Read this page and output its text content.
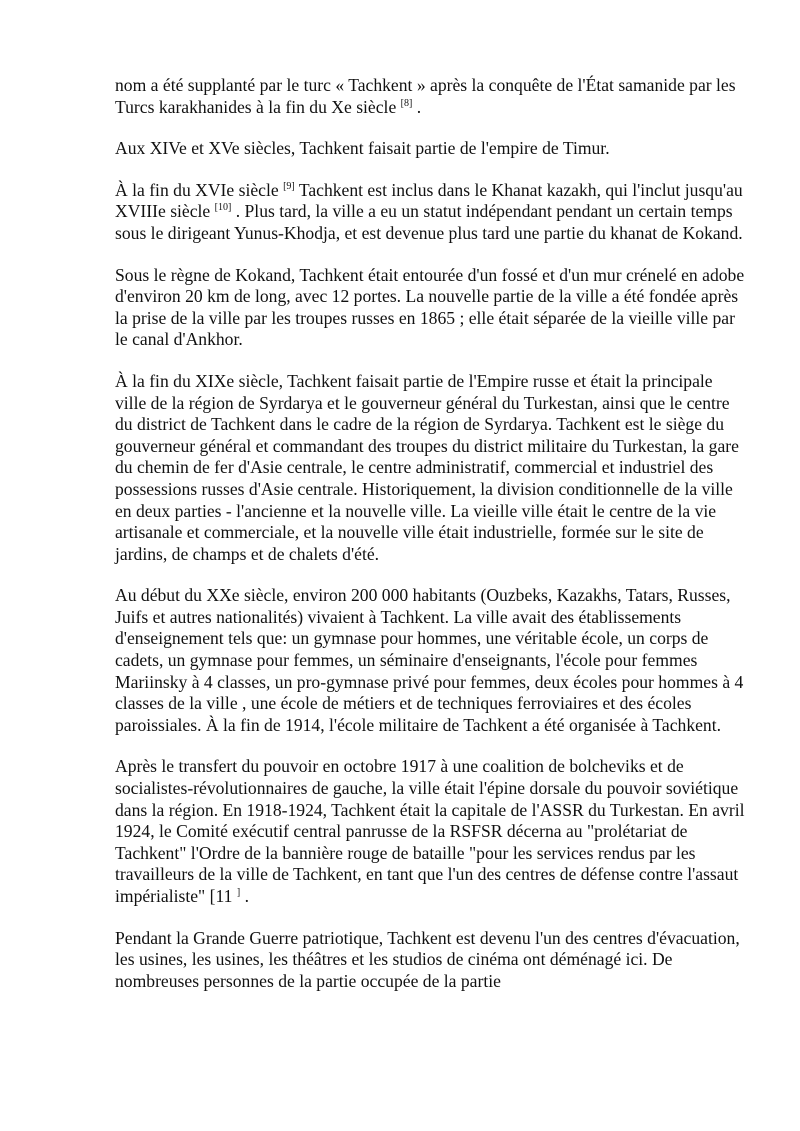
nom a été supplanté par le turc « Tachkent » après la conquête de l'État samanide par les Turcs karakhanides à la fin du Xe siècle [8] .

Aux XIVe et XVe siècles, Tachkent faisait partie de l'empire de Timur.

À la fin du XVIe siècle [9] Tachkent est inclus dans le Khanat kazakh, qui l'inclut jusqu'au XVIIIe siècle [10] . Plus tard, la ville a eu un statut indépendant pendant un certain temps sous le dirigeant Yunus-Khodja, et est devenue plus tard une partie du khanat de Kokand.

Sous le règne de Kokand, Tachkent était entourée d'un fossé et d'un mur crénelé en adobe d'environ 20 km de long, avec 12 portes. La nouvelle partie de la ville a été fondée après la prise de la ville par les troupes russes en 1865 ; elle était séparée de la vieille ville par le canal d'Ankhor.

À la fin du XIXe siècle, Tachkent faisait partie de l'Empire russe et était la principale ville de la région de Syrdarya et le gouverneur général du Turkestan, ainsi que le centre du district de Tachkent dans le cadre de la région de Syrdarya. Tachkent est le siège du gouverneur général et commandant des troupes du district militaire du Turkestan, la gare du chemin de fer d'Asie centrale, le centre administratif, commercial et industriel des possessions russes d'Asie centrale. Historiquement, la division conditionnelle de la ville en deux parties - l'ancienne et la nouvelle ville. La vieille ville était le centre de la vie artisanale et commerciale, et la nouvelle ville était industrielle, formée sur le site de jardins, de champs et de chalets d'été.

Au début du XXe siècle, environ 200 000 habitants (Ouzbeks, Kazakhs, Tatars, Russes, Juifs et autres nationalités) vivaient à Tachkent. La ville avait des établissements d'enseignement tels que: un gymnase pour hommes, une véritable école, un corps de cadets, un gymnase pour femmes, un séminaire d'enseignants, l'école pour femmes Mariinsky à 4 classes, un pro-gymnase privé pour femmes, deux écoles pour hommes à 4 classes de la ville , une école de métiers et de techniques ferroviaires et des écoles paroissiales. À la fin de 1914, l'école militaire de Tachkent a été organisée à Tachkent.

Après le transfert du pouvoir en octobre 1917 à une coalition de bolcheviks et de socialistes-révolutionnaires de gauche, la ville était l'épine dorsale du pouvoir soviétique dans la région. En 1918-1924, Tachkent était la capitale de l'ASSR du Turkestan. En avril 1924, le Comité exécutif central panrusse de la RSFSR décerna au "prolétariat de Tachkent" l'Ordre de la bannière rouge de bataille "pour les services rendus par les travailleurs de la ville de Tachkent, en tant que l'un des centres de défense contre l'assaut impérialiste" [11 ] .

Pendant la Grande Guerre patriotique, Tachkent est devenu l'un des centres d'évacuation, les usines, les usines, les théâtres et les studios de cinéma ont déménagé ici. De nombreuses personnes de la partie occupée de la partie
